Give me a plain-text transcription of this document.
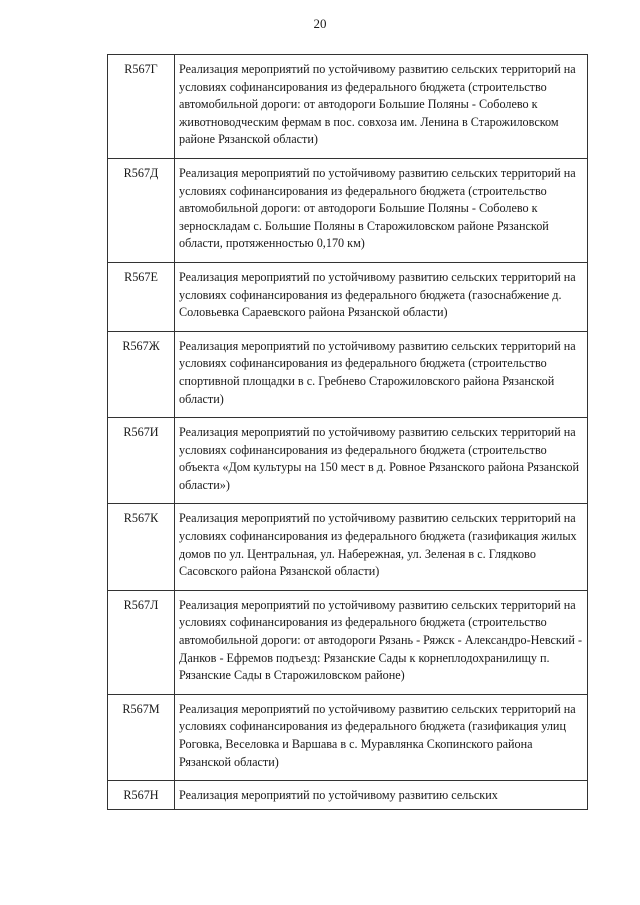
20
R567Г	Реализация мероприятий по устойчивому развитию сельских территорий на условиях софинансирования из федерального бюджета (строительство автомобильной дороги: от автодороги Большие Поляны - Соболево к животноводческим фермам в пос. совхоза им. Ленина в Старожиловском районе Рязанской области)
R567Д	Реализация мероприятий по устойчивому развитию сельских территорий на условиях софинансирования из федерального бюджета (строительство автомобильной дороги: от автодороги Большие Поляны - Соболево к зерноскладам с. Большие Поляны в Старожиловском районе Рязанской области, протяженностью 0,170 км)
R567Е	Реализация мероприятий по устойчивому развитию сельских территорий на условиях софинансирования из федерального бюджета (газоснабжение д. Соловьевка Сараевского района Рязанской области)
R567Ж	Реализация мероприятий по устойчивому развитию сельских территорий на условиях софинансирования из федерального бюджета (строительство спортивной площадки в с. Гребнево Старожиловского района Рязанской области)
R567И	Реализация мероприятий по устойчивому развитию сельских территорий на условиях софинансирования из федерального бюджета (строительство объекта «Дом культуры на 150 мест в д. Ровное Рязанского района Рязанской области»)
R567К	Реализация мероприятий по устойчивому развитию сельских территорий на условиях софинансирования из федерального бюджета (газификация жилых домов по ул. Центральная, ул. Набережная, ул. Зеленая в с. Глядково Сасовского района Рязанской области)
R567Л	Реализация мероприятий по устойчивому развитию сельских территорий на условиях софинансирования из федерального бюджета (строительство автомобильной дороги: от автодороги Рязань - Ряжск - Александро-Невский - Данков - Ефремов подъезд: Рязанские Сады к корнеплодохранилищу п. Рязанские Сады в Старожиловском районе)
R567М	Реализация мероприятий по устойчивому развитию сельских территорий на условиях софинансирования из федерального бюджета (газификация улиц Роговка, Веселовка и Варшава в с. Муравлянка Скопинского района Рязанской области)
R567Н	Реализация мероприятий по устойчивому развитию сельских
